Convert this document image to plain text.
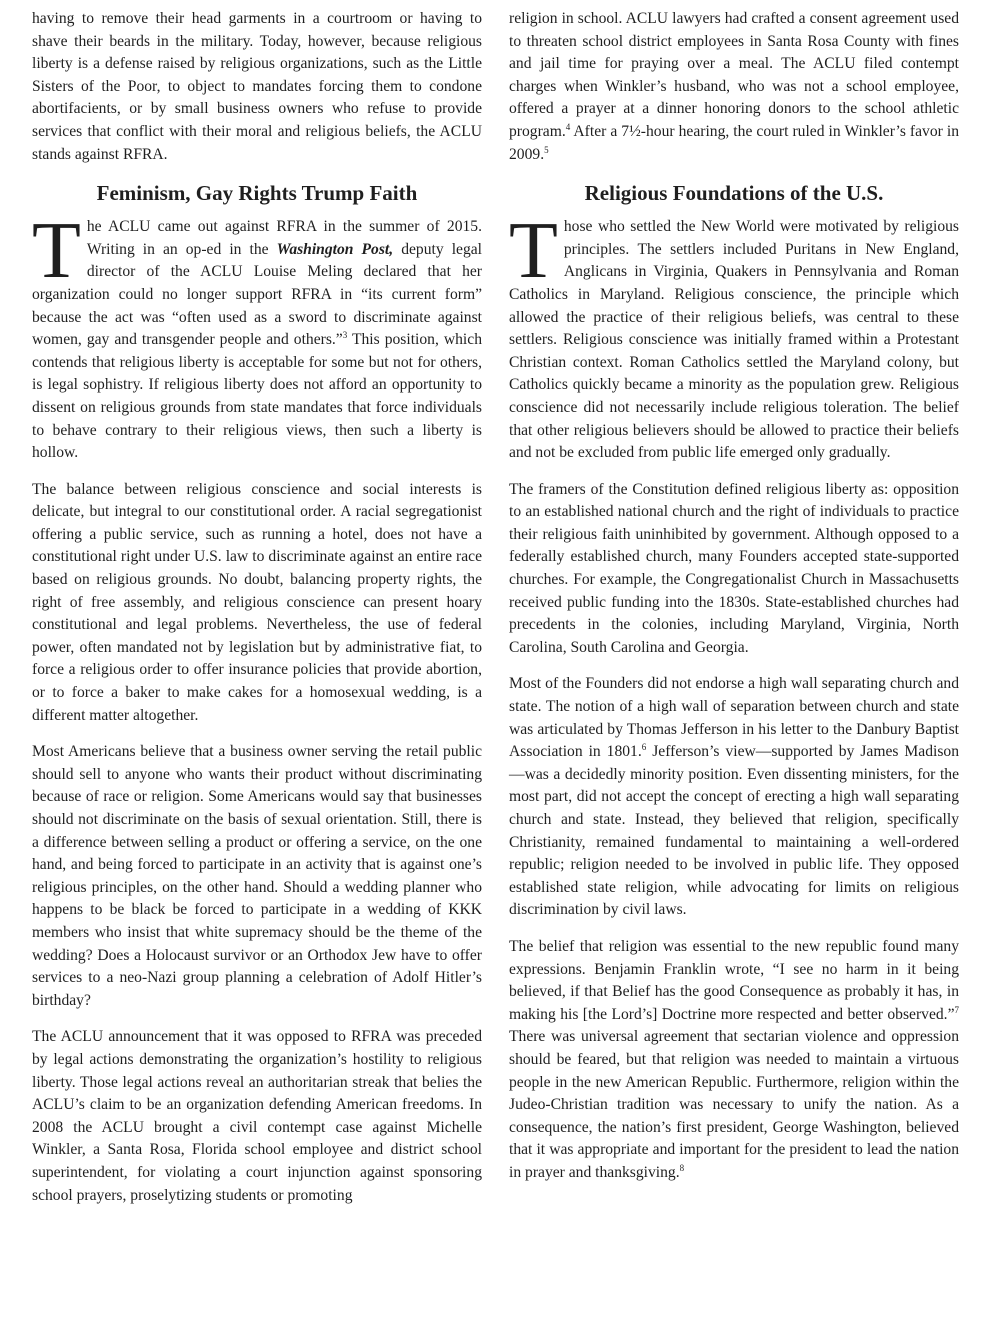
having to remove their head garments in a courtroom or having to shave their beards in the military. Today, however, because religious liberty is a defense raised by religious organizations, such as the Little Sisters of the Poor, to object to mandates forcing them to condone abortifacients, or by small business owners who refuse to provide services that conflict with their moral and religious beliefs, the ACLU stands against RFRA.

Feminism, Gay Rights Trump Faith

The ACLU came out against RFRA in the summer of 2015. Writing in an op-ed in the Washington Post, deputy legal director of the ACLU Louise Meling declared that her organization could no longer support RFRA in “its current form” because the act was “often used as a sword to discriminate against women, gay and transgender people and others.”$^3$ This position, which contends that religious liberty is acceptable for some but not for others, is legal sophistry. If religious liberty does not afford an opportunity to dissent on religious grounds from state mandates that force individuals to behave contrary to their religious views, then such a liberty is hollow.

The balance between religious conscience and social interests is delicate, but integral to our constitutional order. A racial segregationist offering a public service, such as running a hotel, does not have a constitutional right under U.S. law to discriminate against an entire race based on religious grounds. No doubt, balancing property rights, the right of free assembly, and religious conscience can present hoary constitutional and legal problems. Nevertheless, the use of federal power, often mandated not by legislation but by administrative fiat, to force a religious order to offer insurance policies that provide abortion, or to force a baker to make cakes for a homosexual wedding, is a different matter altogether.

Most Americans believe that a business owner serving the retail public should sell to anyone who wants their product without discriminating because of race or religion. Some Americans would say that businesses should not discriminate on the basis of sexual orientation. Still, there is a difference between selling a product or offering a service, on the one hand, and being forced to participate in an activity that is against one’s religious principles, on the other hand. Should a wedding planner who happens to be black be forced to participate in a wedding of KKK members who insist that white supremacy should be the theme of the wedding? Does a Holocaust survivor or an Orthodox Jew have to offer services to a neo-Nazi group planning a celebration of Adolf Hitler’s birthday?

The ACLU announcement that it was opposed to RFRA was preceded by legal actions demonstrating the organization’s hostility to religious liberty. Those legal actions reveal an authoritarian streak that belies the ACLU’s claim to be an organization defending American freedoms. In 2008 the ACLU brought a civil contempt case against Michelle Winkler, a Santa Rosa, Florida school employee and district school superintendent, for violating a court injunction against sponsoring school prayers, proselytizing students or promoting

religion in school. ACLU lawyers had crafted a consent agreement used to threaten school district employees in Santa Rosa County with fines and jail time for praying over a meal. The ACLU filed contempt charges when Winkler’s husband, who was not a school employee, offered a prayer at a dinner honoring donors to the school athletic program.$^4$ After a 7½-hour hearing, the court ruled in Winkler’s favor in 2009.$^5$

Religious Foundations of the U.S.

Those who settled the New World were motivated by religious principles. The settlers included Puritans in New England, Anglicans in Virginia, Quakers in Pennsylvania and Roman Catholics in Maryland. Religious conscience, the principle which allowed the practice of their religious beliefs, was central to these settlers. Religious conscience was initially framed within a Protestant Christian context. Roman Catholics settled the Maryland colony, but Catholics quickly became a minority as the population grew. Religious conscience did not necessarily include religious toleration. The belief that other religious believers should be allowed to practice their beliefs and not be excluded from public life emerged only gradually.

The framers of the Constitution defined religious liberty as: opposition to an established national church and the right of individuals to practice their religious faith uninhibited by government. Although opposed to a federally established church, many Founders accepted state-supported churches. For example, the Congregationalist Church in Massachusetts received public funding into the 1830s. State-established churches had precedents in the colonies, including Maryland, Virginia, North Carolina, South Carolina and Georgia.

Most of the Founders did not endorse a high wall separating church and state. The notion of a high wall of separation between church and state was articulated by Thomas Jefferson in his letter to the Danbury Baptist Association in 1801.$^6$ Jefferson’s view—supported by James Madison—was a decidedly minority position. Even dissenting ministers, for the most part, did not accept the concept of erecting a high wall separating church and state. Instead, they believed that religion, specifically Christianity, remained fundamental to maintaining a well-ordered republic; religion needed to be involved in public life. They opposed established state religion, while advocating for limits on religious discrimination by civil laws.

The belief that religion was essential to the new republic found many expressions. Benjamin Franklin wrote, “I see no harm in it being believed, if that Belief has the good Consequence as probably it has, in making his [the Lord’s] Doctrine more respected and better observed.”$^7$ There was universal agreement that sectarian violence and oppression should be feared, but that religion was needed to maintain a virtuous people in the new American Republic. Furthermore, religion within the Judeo-Christian tradition was necessary to unify the nation. As a consequence, the nation’s first president, George Washington, believed that it was appropriate and important for the president to lead the nation in prayer and thanksgiving.$^8$
